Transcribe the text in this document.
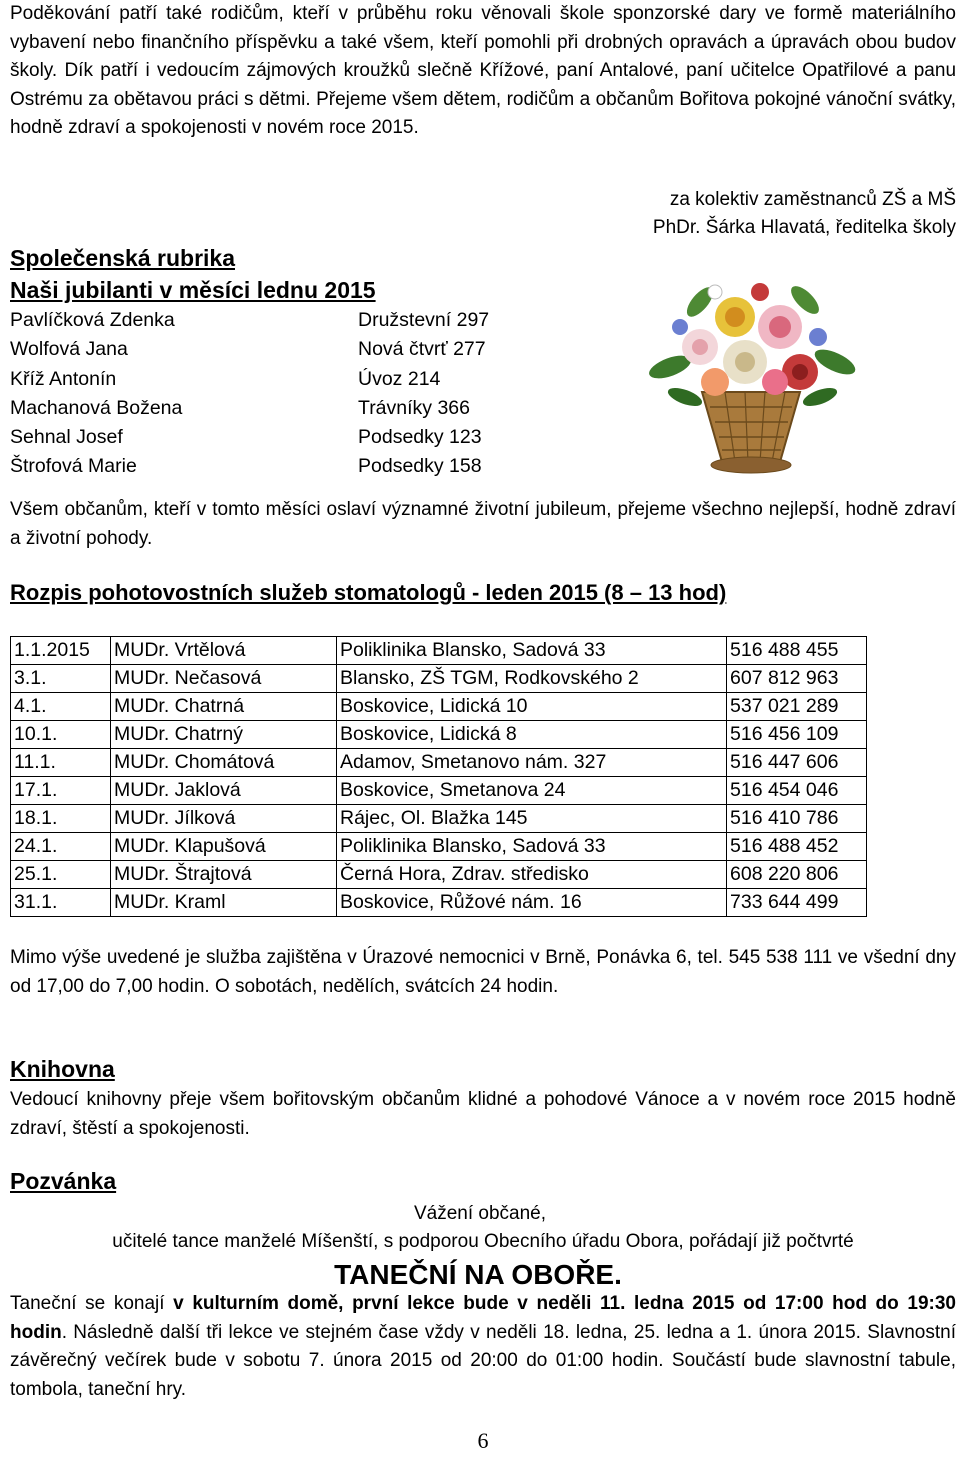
Poděkování patří také rodičům, kteří v průběhu roku věnovali škole sponzorské dary ve formě materiálního vybavení nebo finančního příspěvku a také všem, kteří pomohli při drobných opravách a úpravách obou budov školy. Dík patří i vedoucím zájmových kroužků slečně Křížové, paní Antalové, paní učitelce Opatřilové a panu Ostrému za obětavou práci s dětmi. Přejeme všem dětem, rodičům a občanům Bořitova pokojné vánoční svátky, hodně zdraví a spokojenosti v novém roce 2015.

za kolektiv zaměstnanců ZŠ a MŠ
PhDr. Šárka Hlavatá, ředitelka školy
Společenská rubrika
Naši jubilanti v měsíci lednu 2015
Pavlíčková Zdenka	Družstevní 297
Wolfová Jana	Nová čtvrť 277
Kříž Antonín	Úvoz 214
Machanová Božena	Trávníky 366
Sehnal Josef	Podsedky 123
Štrofová Marie	Podsedky 158

Všem občanům, kteří v tomto měsíci oslaví významné životní jubileum, přejeme všechno nejlepší, hodně zdraví a životní pohody.

Rozpis pohotovostních služeb stomatologů - leden 2015 (8 – 13 hod)
1.1.2015	MUDr. Vrtělová	Poliklinika Blansko, Sadová 33	516 488 455
3.1.	MUDr. Nečasová	Blansko, ZŠ TGM, Rodkovského 2	607 812 963
4.1.	MUDr. Chatrná	Boskovice, Lidická 10	537 021 289
10.1.	MUDr. Chatrný	Boskovice, Lidická 8	516 456 109
11.1.	MUDr. Chomátová	Adamov, Smetanovo nám. 327	516 447 606
17.1.	MUDr. Jaklová	Boskovice, Smetanova 24	516 454 046
18.1.	MUDr. Jílková	Rájec, Ol. Blažka 145	516 410 786
24.1.	MUDr. Klapušová	Poliklinika Blansko, Sadová 33	516 488 452
25.1.	MUDr. Štrajtová	Černá Hora, Zdrav. středisko	608 220 806
31.1.	MUDr. Kraml	Boskovice, Růžové nám. 16	733 644 499

Mimo výše uvedené je služba zajištěna v Úrazové nemocnici v Brně, Ponávka 6, tel. 545 538 111 ve všední dny od 17,00 do 7,00 hodin. O sobotách, nedělích, svátcích 24 hodin.

Knihovna

Vedoucí knihovny přeje všem bořitovským občanům klidné a pohodové Vánoce a v novém roce 2015 hodně zdraví, štěstí a spokojenosti.

Pozvánka
Vážení občané,
učitelé tance manželé Míšenští, s podporou Obecního úřadu Obora, pořádají již počtvrté
TANEČNÍ NA OBOŘE.

Taneční se konají v kulturním domě, první lekce bude v neděli 11. ledna 2015 od 17:00 hod do 19:30 hodin. Následně další tři lekce ve stejném čase vždy v neděli 18. ledna, 25. ledna a 1. února 2015. Slavnostní závěrečný večírek bude v sobotu 7. února 2015 od 20:00 do 01:00 hodin. Součástí bude slavnostní tabule, tombola, taneční hry.

6
